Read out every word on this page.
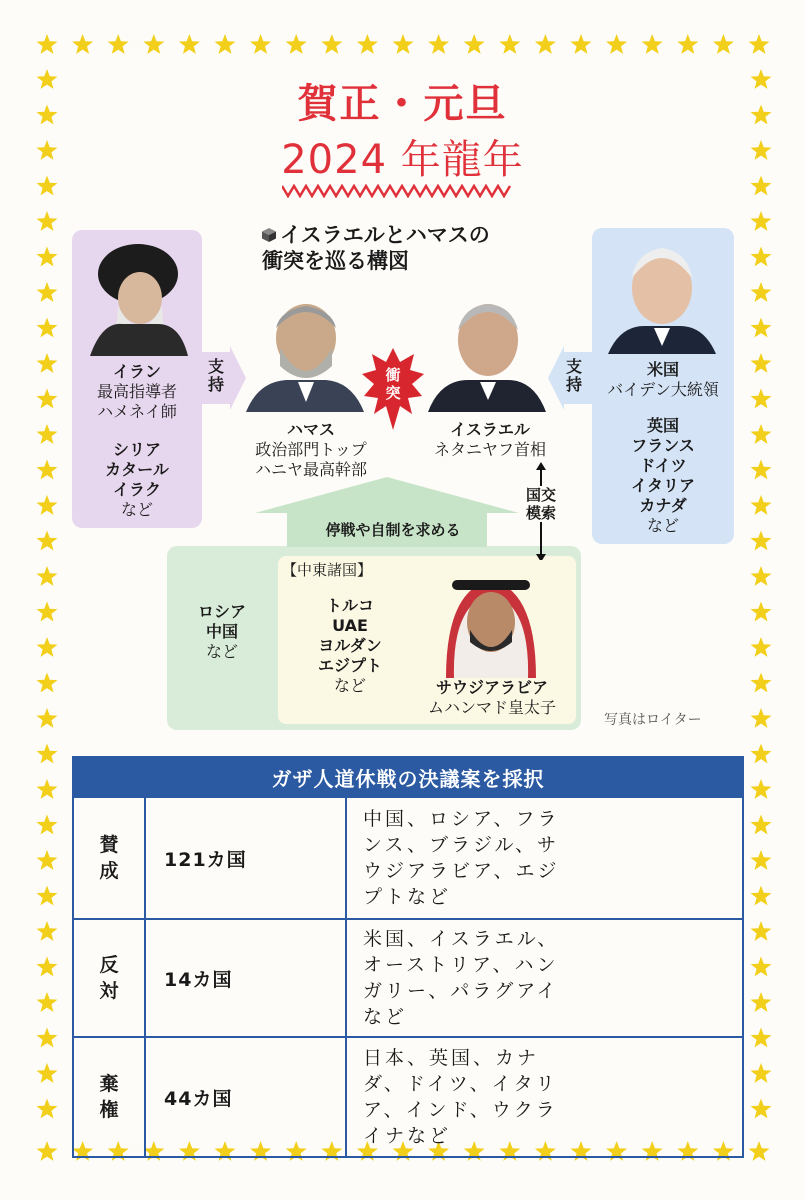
賀正・元旦
2024 年龍年
イスラエルとハマスの
衝突を巡る構図
支
持
支
持
イラン
最高指導者
ハメネイ師
シリア
カタール
イラク
など
ハマス
政治部門トップ
ハニヤ最高幹部
衝
突
イスラエル
ネタニヤフ首相
米国
バイデン大統領
英国
フランス
ドイツ
イタリア
カナダ
など
停戦や自制を求める
国交
模索
ロシア
中国
など
【中東諸国】
トルコ
UAE
ヨルダン
エジプト
など	サウジアラビア
ムハンマド皇太子
写真はロイター
ガザ人道休戦の決議案を採択		
賛
成	121カ国	中国、ロシア、フラ
ンス、ブラジル、サ
ウジアラビア、エジ
プトなど
反
対	14カ国	米国、イスラエル、
オーストリア、ハン
ガリー、パラグアイ
など
棄
権	44カ国	日本、英国、カナ
ダ、ドイツ、イタリ
ア、インド、ウクラ
イナなど
